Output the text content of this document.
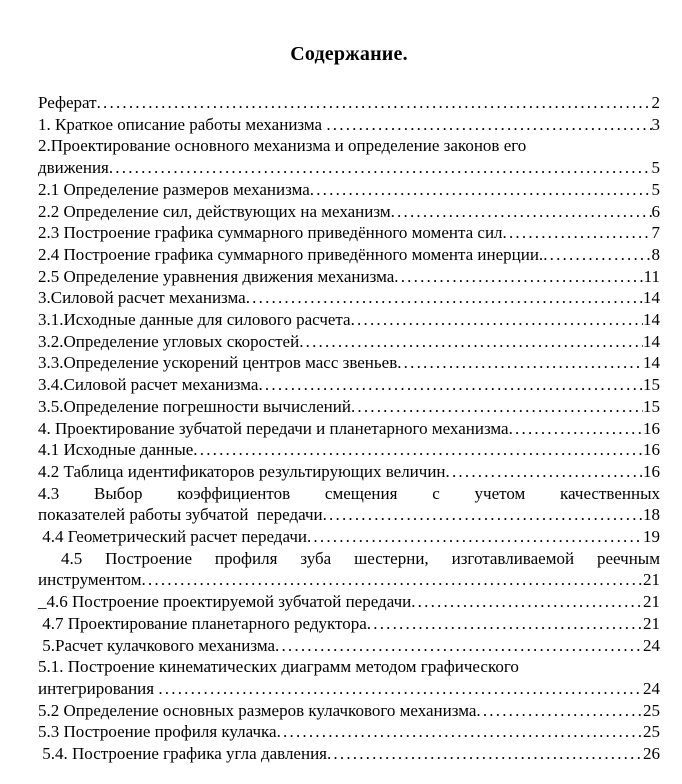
Содержание.
Реферат .....	2
1. Краткое описание работы механизма .....	3
2.Проектирование основного механизма и определение законов его
движения .....	5
2.1 Определение размеров механизма .....	5
2.2 Определение сил, действующих на механизм .....	6
2.3 Построение графика суммарного приведённого момента сил .....	7
2.4 Построение графика суммарного приведённого момента инерции. .....	8
2.5 Определение уравнения движения механизма .....	11
3.Силовой расчет механизма .....	14
3.1.Исходные данные для силового расчета .....	14
3.2.Определение угловых скоростей .....	14
3.3.Определение ускорений центров масс звеньев .....	14
3.4.Силовой расчет механизма .....	15
3.5.Определение погрешности вычислений .....	15
4. Проектирование зубчатой передачи и планетарного механизма .....	16
4.1 Исходные данные .....	16
4.2 Таблица идентификаторов результирующих величин .....	16
4.3 Выбор коэффициентов смещения с учетом качественных
показателей работы зубчатой  передачи .....	18
4.4 Геометрический расчет передачи .....	19
4.5 Построение профиля зуба шестерни, изготавливаемой реечным
инструментом .....	21
_4.6 Построение проектируемой зубчатой передачи .....	21
4.7 Проектирование планетарного редуктора .....	21
5.Расчет кулачкового механизма .....	24
5.1. Построение кинематических диаграмм методом графического
интегрирования .....	24
5.2 Определение основных размеров кулачкового механизма .....	25
5.3 Построение профиля кулачка .....	25
5.4. Построение графика угла давления .....	26
